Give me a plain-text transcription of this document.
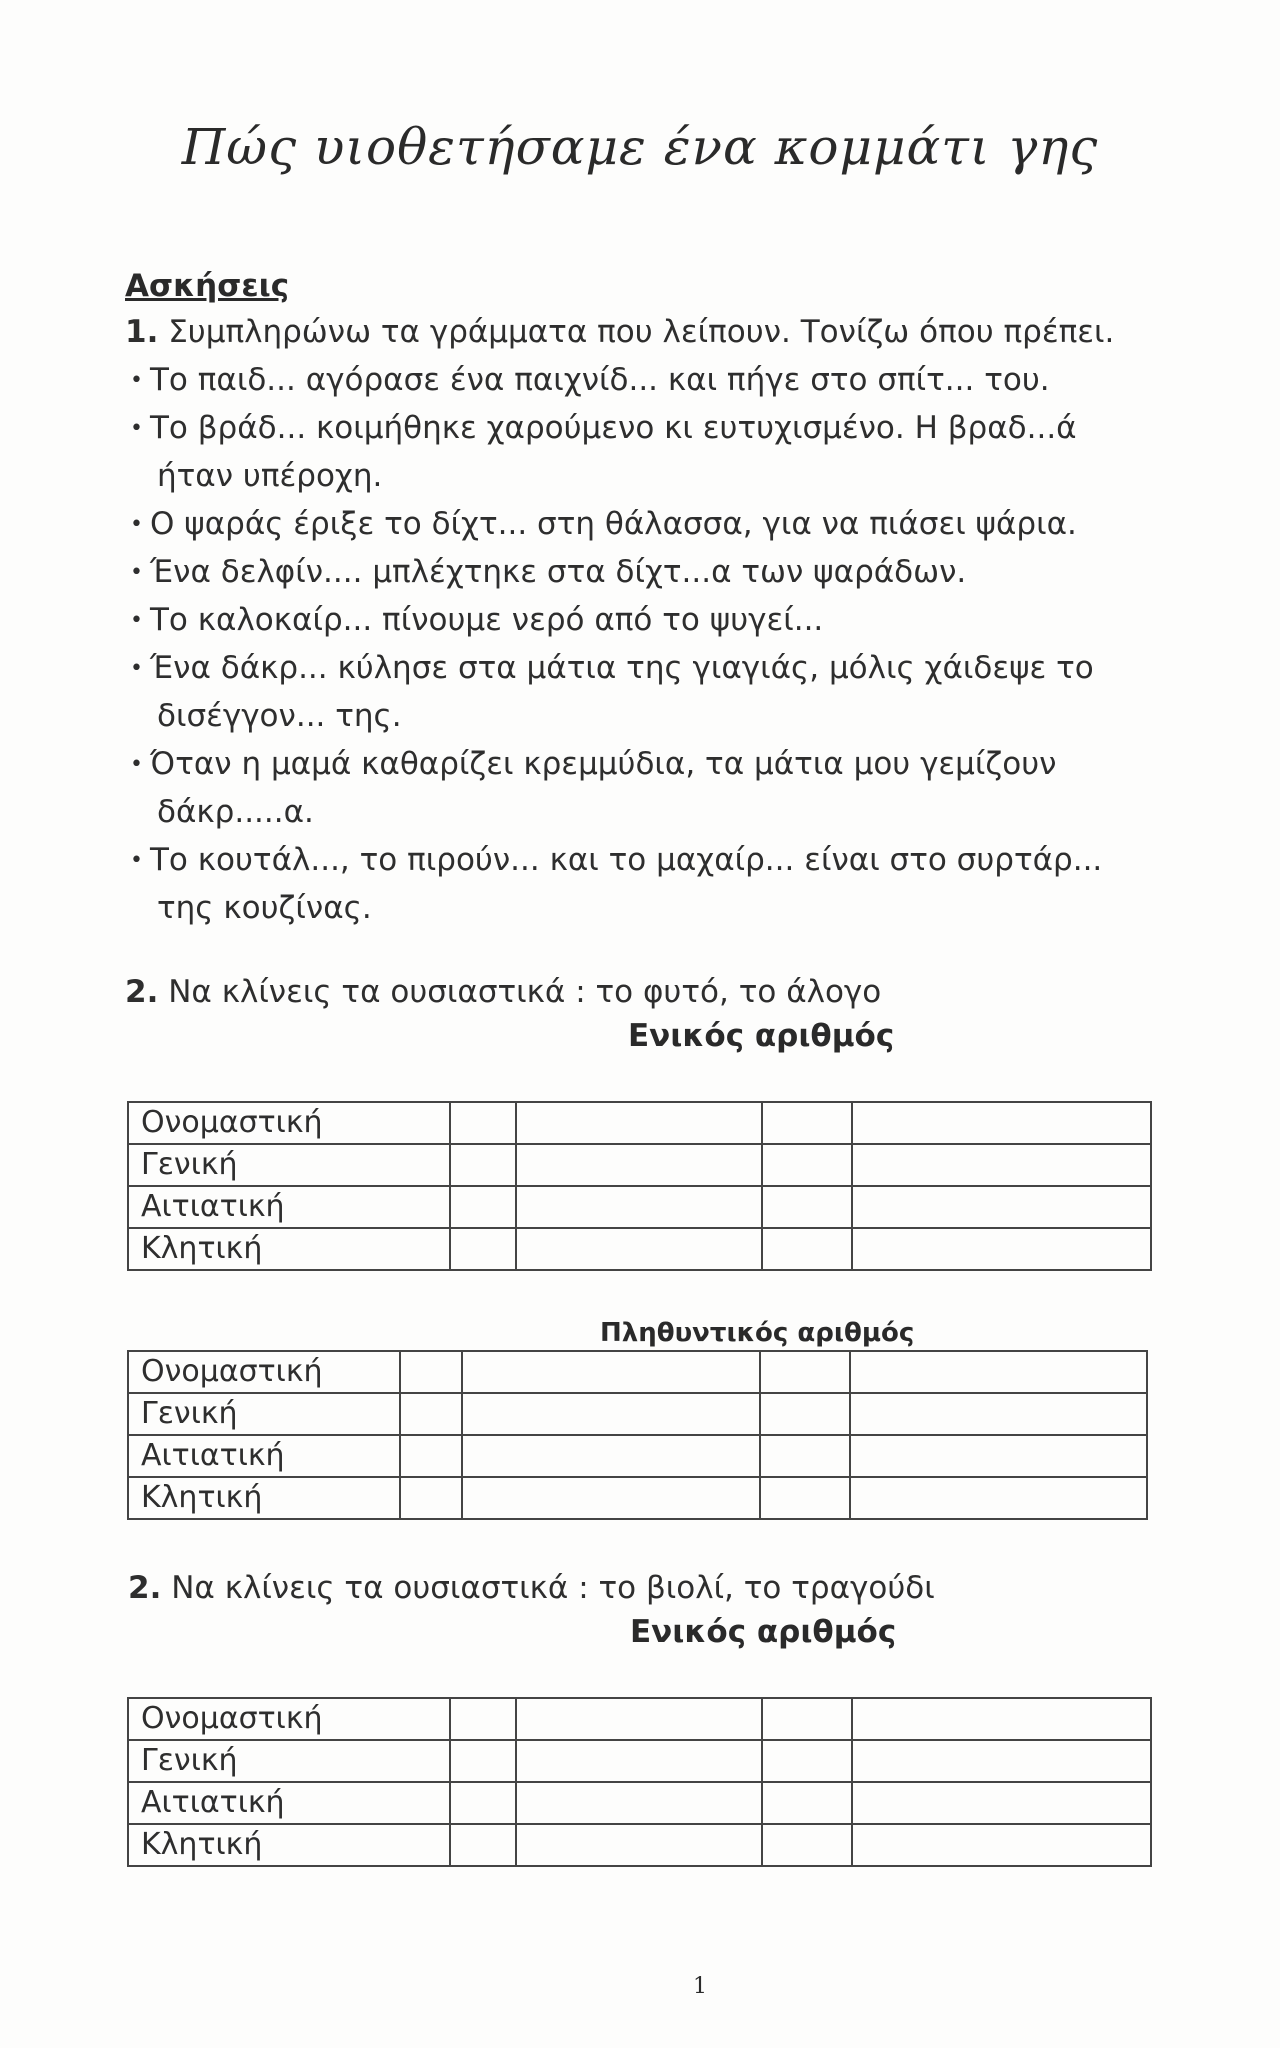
Πώς υιοθετήσαμε ένα κομμάτι γης
Ασκήσεις
1. Συμπληρώνω τα γράμματα που λείπουν. Τονίζω όπου πρέπει.
• Το παιδ... αγόρασε ένα παιχνίδ... και πήγε στο σπίτ... του.
• Το βράδ... κοιμήθηκε χαρούμενο κι ευτυχισμένο. Η βραδ...ά
ήταν υπέροχη.
• Ο ψαράς έριξε το δίχτ... στη θάλασσα, για να πιάσει ψάρια.
• Ένα δελφίν.... μπλέχτηκε στα δίχτ...α των ψαράδων.
• Το καλοκαίρ... πίνουμε νερό από το ψυγεί...
• Ένα δάκρ... κύλησε στα μάτια της γιαγιάς, μόλις χάιδεψε το
δισέγγον... της.
• Όταν η μαμά καθαρίζει κρεμμύδια, τα μάτια μου γεμίζουν
δάκρ.....α.
• Το κουτάλ..., το πιρούν... και το μαχαίρ... είναι στο συρτάρ...
της κουζίνας.
2. Να κλίνεις τα ουσιαστικά : το φυτό, το άλογο
Ενικός αριθμός
Ονομαστική				
Γενική				
Αιτιατική				
Κλητική				
Πληθυντικός αριθμός
Ονομαστική				
Γενική				
Αιτιατική				
Κλητική				
2. Να κλίνεις τα ουσιαστικά : το βιολί, το τραγούδι
Ενικός αριθμός
Ονομαστική				
Γενική				
Αιτιατική				
Κλητική				
1
